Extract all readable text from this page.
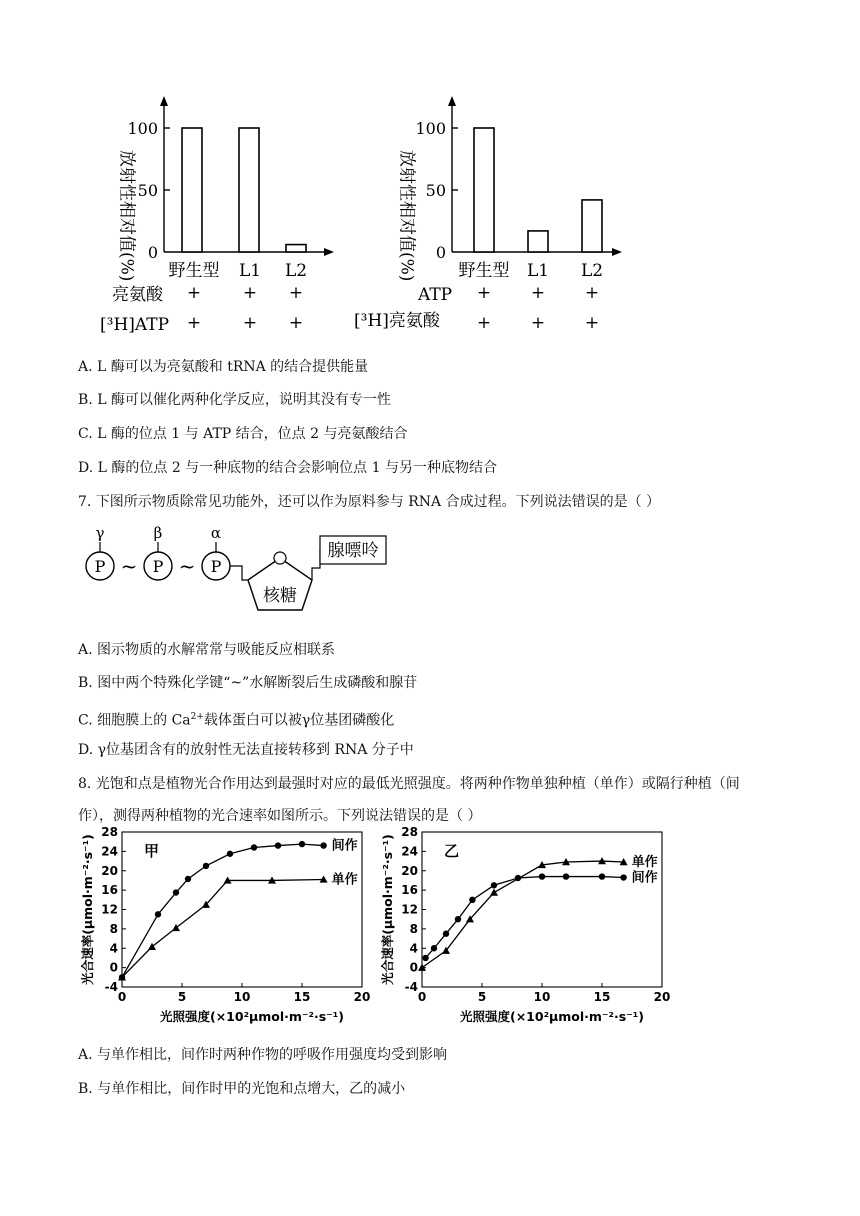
放射性相对值(%)
100
50
0
野生型 L1 L2
亮氨酸 + + +
[³H]ATP + + +
放射性相对值(%)
100
50
0
野生型 L1 L2
ATP + + +
[³H]亮氨酸 + + +
A. L 酶可以为亮氨酸和 tRNA 的结合提供能量
B. L 酶可以催化两种化学反应，说明其没有专一性
C. L 酶的位点 1 与 ATP 结合，位点 2 与亮氨酸结合
D. L 酶的位点 2 与一种底物的结合会影响位点 1 与另一种底物结合
7. 下图所示物质除常见功能外，还可以作为原料参与 RNA 合成过程。下列说法错误的是（ ）
γ	β	α
P	P	P
~ ~
核糖
腺嘌呤
A. 图示物质的水解常常与吸能反应相联系
B. 图中两个特殊化学键“~”水解断裂后生成磷酸和腺苷
C. 细胞膜上的 $Ca^{2+}$载体蛋白可以被γ位基团磷酸化
D. γ位基团含有的放射性无法直接转移到 RNA 分子中
8. 光饱和点是植物光合作用达到最强时对应的最低光照强度。将两种作物单独种植（单作）或隔行种植（间
作），测得两种植物的光合速率如图所示。下列说法错误的是（ ）
28
24
20
16
12
8
4
0
-4
0	5	10	15	20
甲
光照强度(×10²μmol·m⁻²·s⁻¹)
光合速率(μmol·m⁻²·s⁻¹)	间作
单作
28
24
20
16
12
8
4
0
-4
0	5	10	15	20
乙
光照强度(×10²μmol·m⁻²·s⁻¹)
光合速率(μmol·m⁻²·s⁻¹)	单作
间作
A. 与单作相比，间作时两种作物的呼吸作用强度均受到影响
B. 与单作相比，间作时甲的光饱和点增大，乙的减小
